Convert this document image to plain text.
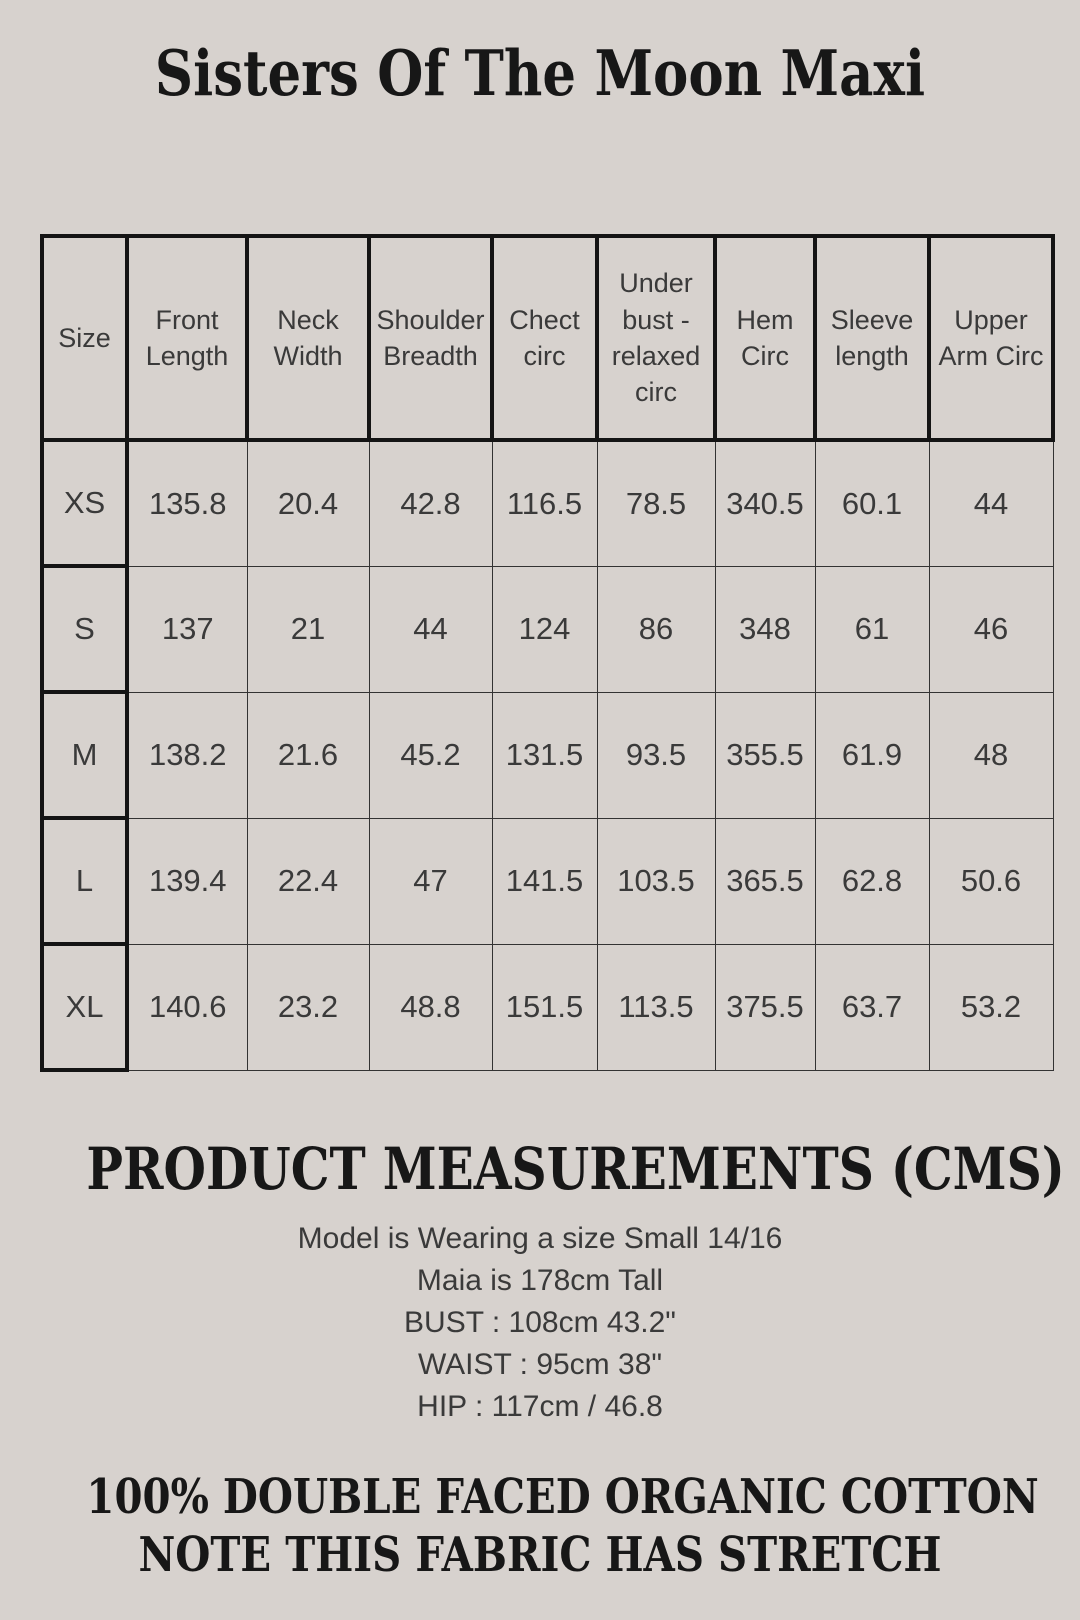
Sisters Of The Moon Maxi
Size	Front Length	Neck Width	Shoulder Breadth	Chect circ	Under bust - relaxed circ	Hem Circ	Sleeve length	Upper Arm Circ
XS	135.8	20.4	42.8	116.5	78.5	340.5	60.1	44
S	137	21	44	124	86	348	61	46
M	138.2	21.6	45.2	131.5	93.5	355.5	61.9	48
L	139.4	22.4	47	141.5	103.5	365.5	62.8	50.6
XL	140.6	23.2	48.8	151.5	113.5	375.5	63.7	53.2
PRODUCT MEASUREMENTS (CMS)
Model is Wearing a size Small 14/16
Maia is 178cm Tall
BUST : 108cm 43.2"
WAIST : 95cm 38"
HIP : 117cm / 46.8
100% DOUBLE FACED ORGANIC COTTON
NOTE THIS FABRIC HAS STRETCH
